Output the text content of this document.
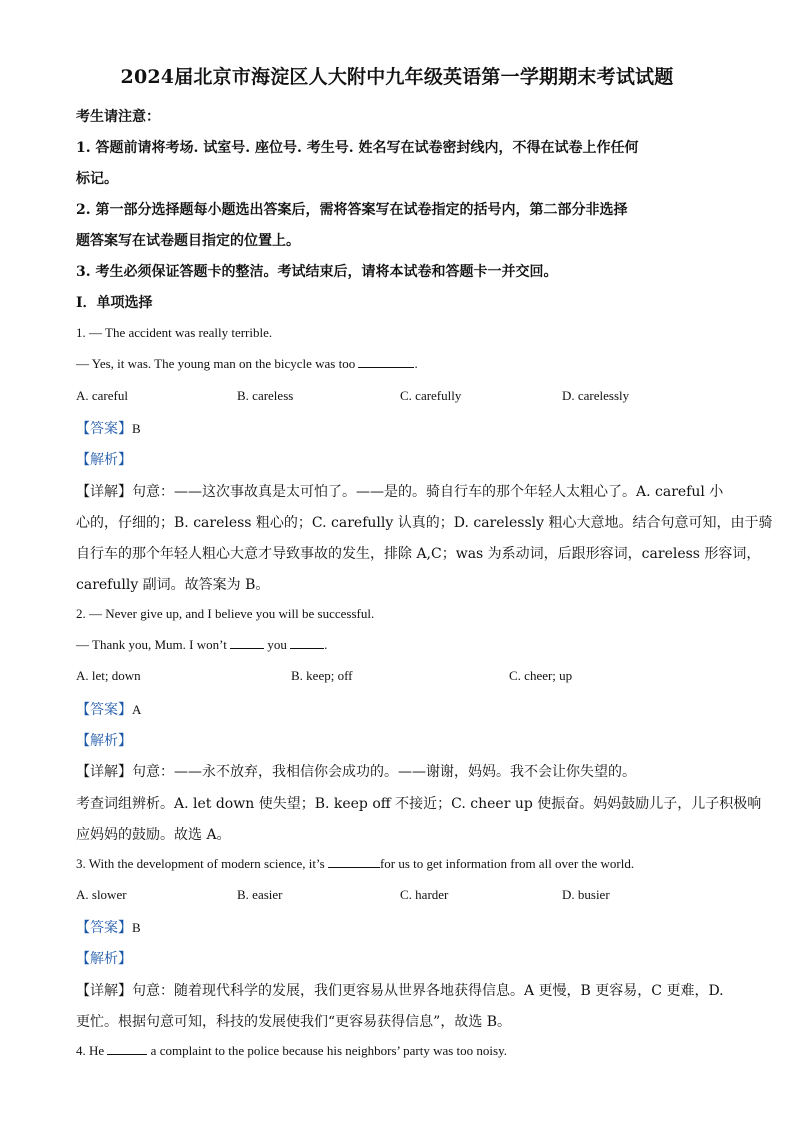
2024届北京市海淀区人大附中九年级英语第一学期期末考试试题
考生请注意：
1. 答题前请将考场. 试室号. 座位号. 考生号. 姓名写在试卷密封线内，不得在试卷上作任何
标记。
2. 第一部分选择题每小题选出答案后，需将答案写在试卷指定的括号内，第二部分非选择
题答案写在试卷题目指定的位置上。
3. 考生必须保证答题卡的整洁。考试结束后，请将本试卷和答题卡一并交回。
Ⅰ．单项选择
1. — The accident was really terrible.
— Yes, it was. The young man on the bicycle was too	.
A. careful	B. careless	C. carefully	D. carelessly
【答案】B
【解析】
【详解】句意：——这次事故真是太可怕了。——是的。骑自行车的那个年轻人太粗心了。A. careful 小
心的，仔细的；B. careless 粗心的；C. carefully 认真的；D. carelessly 粗心大意地。结合句意可知，由于骑
自行车的那个年轻人粗心大意才导致事故的发生，排除 A,C；was 为系动词，后跟形容词，careless 形容词，
carefully 副词。故答案为 B。
2. — Never give up, and I believe you will be successful.
— Thank you, Mum. I won’t	you	.
A. let; down	B. keep; off	C. cheer; up
【答案】A
【解析】
【详解】句意：——永不放弃，我相信你会成功的。——谢谢，妈妈。我不会让你失望的。
考查词组辨析。A. let down 使失望；B. keep off 不接近；C. cheer up 使振奋。妈妈鼓励儿子，儿子积极响
应妈妈的鼓励。故选 A。
3. With the development of modern science, it’s	for us to get information from all over the world.
A. slower	B. easier	C. harder	D. busier
【答案】B
【解析】
【详解】句意：随着现代科学的发展，我们更容易从世界各地获得信息。A 更慢，B 更容易，C 更难，D.
更忙。根据句意可知，科技的发展使我们“更容易获得信息”，故选 B。
4. He	a complaint to the police because his neighbors’ party was too noisy.
